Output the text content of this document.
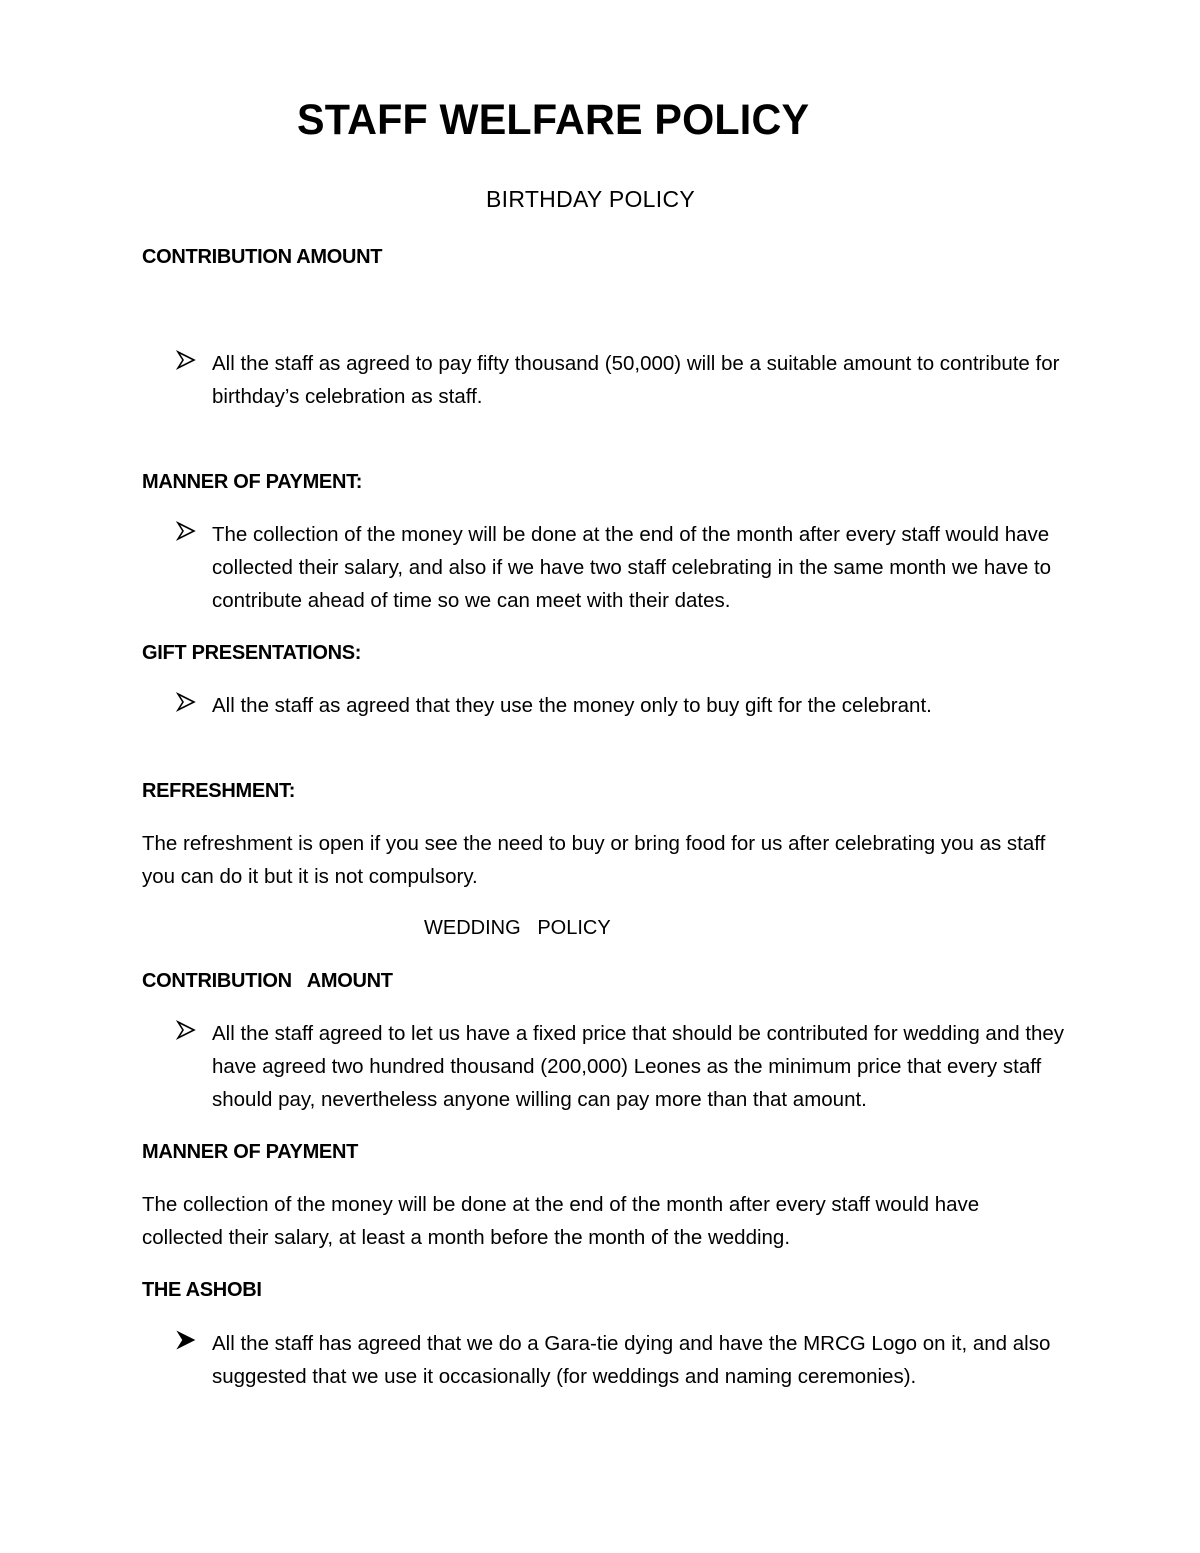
STAFF WELFARE POLICY
BIRTHDAY POLICY
CONTRIBUTION AMOUNT
All the staff as agreed to pay fifty thousand (50,000) will be a suitable amount to contribute for birthday’s celebration as staff.
MANNER OF PAYMENT:
The collection of the money will be done at the end of the month after every staff would have collected their salary, and also if we have two staff celebrating in the same month we have to contribute ahead of time so we can meet with their dates.
GIFT PRESENTATIONS:
All the staff as agreed that they use the money only to buy gift for the celebrant.
REFRESHMENT:

The refreshment is open if you see the need to buy or bring food for us after celebrating you as staff you can do it but it is not compulsory.

WEDDING   POLICY
CONTRIBUTION   AMOUNT
All the staff agreed to let us have a fixed price that should be contributed for wedding and they have agreed two hundred thousand (200,000) Leones as the minimum price that every staff should pay, nevertheless anyone willing can pay more than that amount.
MANNER OF PAYMENT

The collection of the money will be done at the end of the month after every staff would have collected their salary, at least a month before the month of the wedding.

THE ASHOBI
All the staff has agreed that we do a Gara-tie dying and have the MRCG Logo on it, and also suggested that we use it occasionally (for weddings and naming ceremonies).
